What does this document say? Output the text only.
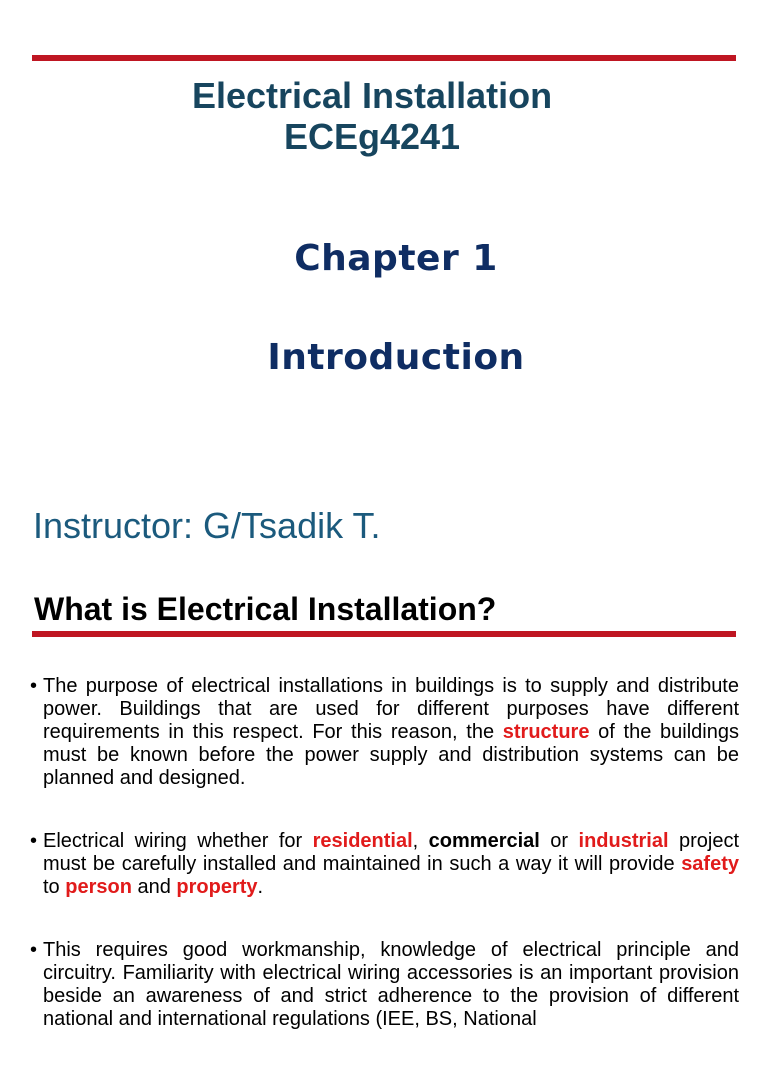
Electrical Installation
ECEg4241
Chapter 1
Introduction
Instructor: G/Tsadik T.
What is Electrical Installation?
• The purpose of electrical installations in buildings is to supply and distribute power. Buildings that are used for different purposes have different requirements in this respect. For this reason, the structure of the buildings must be known before the power supply and distribution systems can be planned and designed.
• Electrical wiring whether for residential, commercial or industrial project must be carefully installed and maintained in such a way it will provide safety to person and property.
• This requires good workmanship, knowledge of electrical principle and circuitry. Familiarity with electrical wiring accessories is an important provision beside an awareness of and strict adherence to the provision of different national and international regulations (IEE, BS, National
